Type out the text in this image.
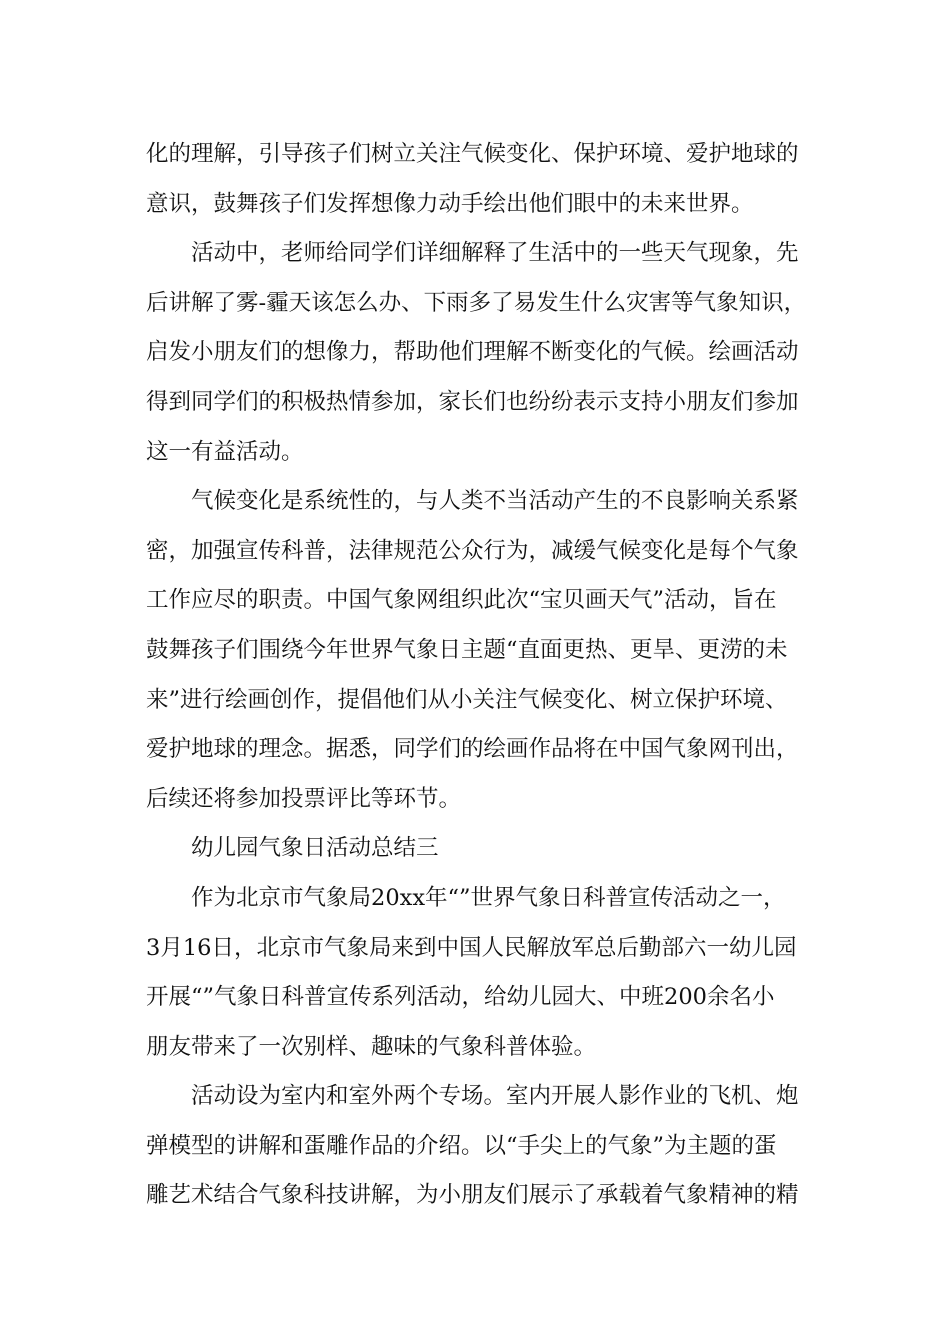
化的理解，引导孩子们树立关注气候变化、保护环境、爱护地球的
意识，鼓舞孩子们发挥想像力动手绘出他们眼中的未来世界。
活动中，老师给同学们详细解释了生活中的一些天气现象，先
后讲解了雾-霾天该怎么办、下雨多了易发生什么灾害等气象知识，
启发小朋友们的想像力，帮助他们理解不断变化的气候。绘画活动
得到同学们的积极热情参加，家长们也纷纷表示支持小朋友们参加
这一有益活动。
气候变化是系统性的，与人类不当活动产生的不良影响关系紧
密，加强宣传科普，法律规范公众行为，减缓气候变化是每个气象
工作应尽的职责。中国气象网组织此次“宝贝画天气”活动，旨在
鼓舞孩子们围绕今年世界气象日主题“直面更热、更旱、更涝的未
来”进行绘画创作，提倡他们从小关注气候变化、树立保护环境、
爱护地球的理念。据悉，同学们的绘画作品将在中国气象网刊出，
后续还将参加投票评比等环节。
幼儿园气象日活动总结三
作为北京市气象局20xx年“”世界气象日科普宣传活动之一，
3月16日，北京市气象局来到中国人民解放军总后勤部六一幼儿园
开展“”气象日科普宣传系列活动，给幼儿园大、中班200余名小
朋友带来了一次别样、趣味的气象科普体验。
活动设为室内和室外两个专场。室内开展人影作业的飞机、炮
弹模型的讲解和蛋雕作品的介绍。以“手尖上的气象”为主题的蛋
雕艺术结合气象科技讲解，为小朋友们展示了承载着气象精神的精
